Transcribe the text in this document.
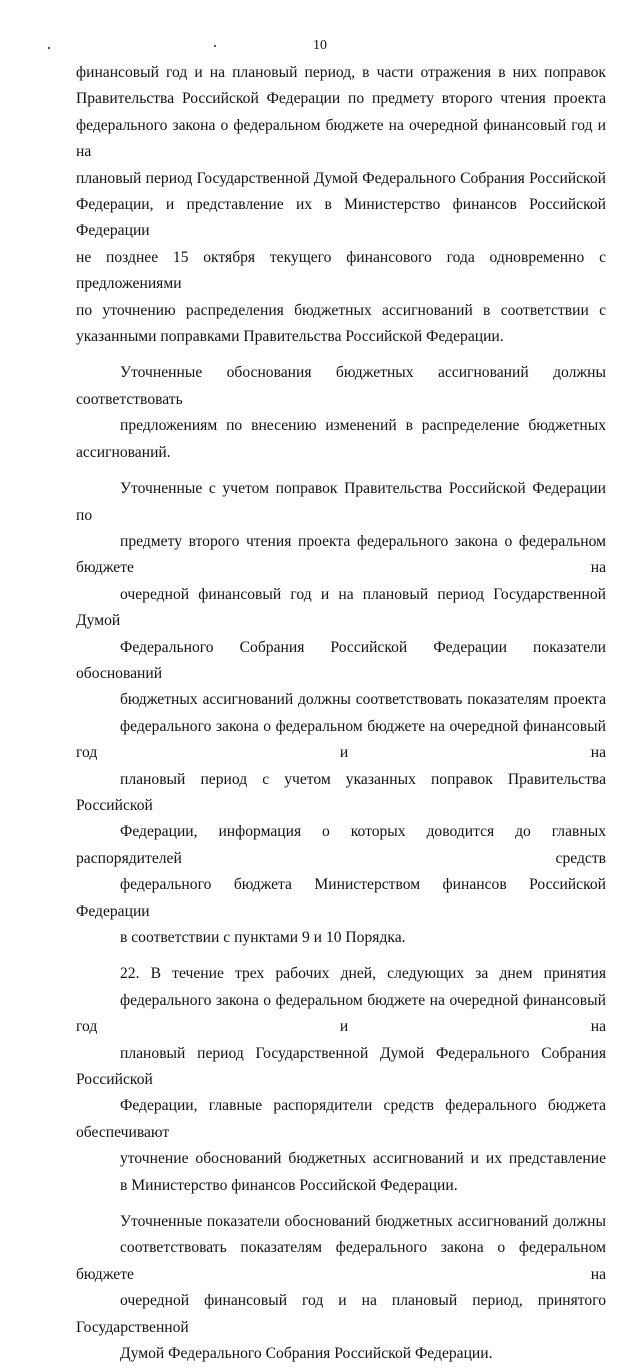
10

финансовый год и на плановый период, в части отражения в них поправок
Правительства Российской Федерации по предмету второго чтения проекта
федерального закона о федеральном бюджете на очередной финансовый год и на
плановый период Государственной Думой Федерального Собрания Российской
Федерации, и представление их в Министерство финансов Российской Федерации
не позднее 15 октября текущего финансового года одновременно с предложениями
по уточнению распределения бюджетных ассигнований в соответствии с
указанными поправками Правительства Российской Федерации.

Уточненные обоснования бюджетных ассигнований должны соответствовать
предложениям по внесению изменений в распределение бюджетных ассигнований.

Уточненные с учетом поправок Правительства Российской Федерации по
предмету второго чтения проекта федерального закона о федеральном бюджете на
очередной финансовый год и на плановый период Государственной Думой
Федерального Собрания Российской Федерации показатели обоснований
бюджетных ассигнований должны соответствовать показателям проекта
федерального закона о федеральном бюджете на очередной финансовый год и на
плановый период с учетом указанных поправок Правительства Российской
Федерации, информация о которых доводится до главных распорядителей средств
федерального бюджета Министерством финансов Российской Федерации
в соответствии с пунктами 9 и 10 Порядка.

22. В течение трех рабочих дней, следующих за днем принятия
федерального закона о федеральном бюджете на очередной финансовый год и на
плановый период Государственной Думой Федерального Собрания Российской
Федерации, главные распорядители средств федерального бюджета обеспечивают
уточнение обоснований бюджетных ассигнований и их представление
в Министерство финансов Российской Федерации.

Уточненные показатели обоснований бюджетных ассигнований должны
соответствовать показателям федерального закона о федеральном бюджете на
очередной финансовый год и на плановый период, принятого Государственной
Думой Федерального Собрания Российской Федерации.
